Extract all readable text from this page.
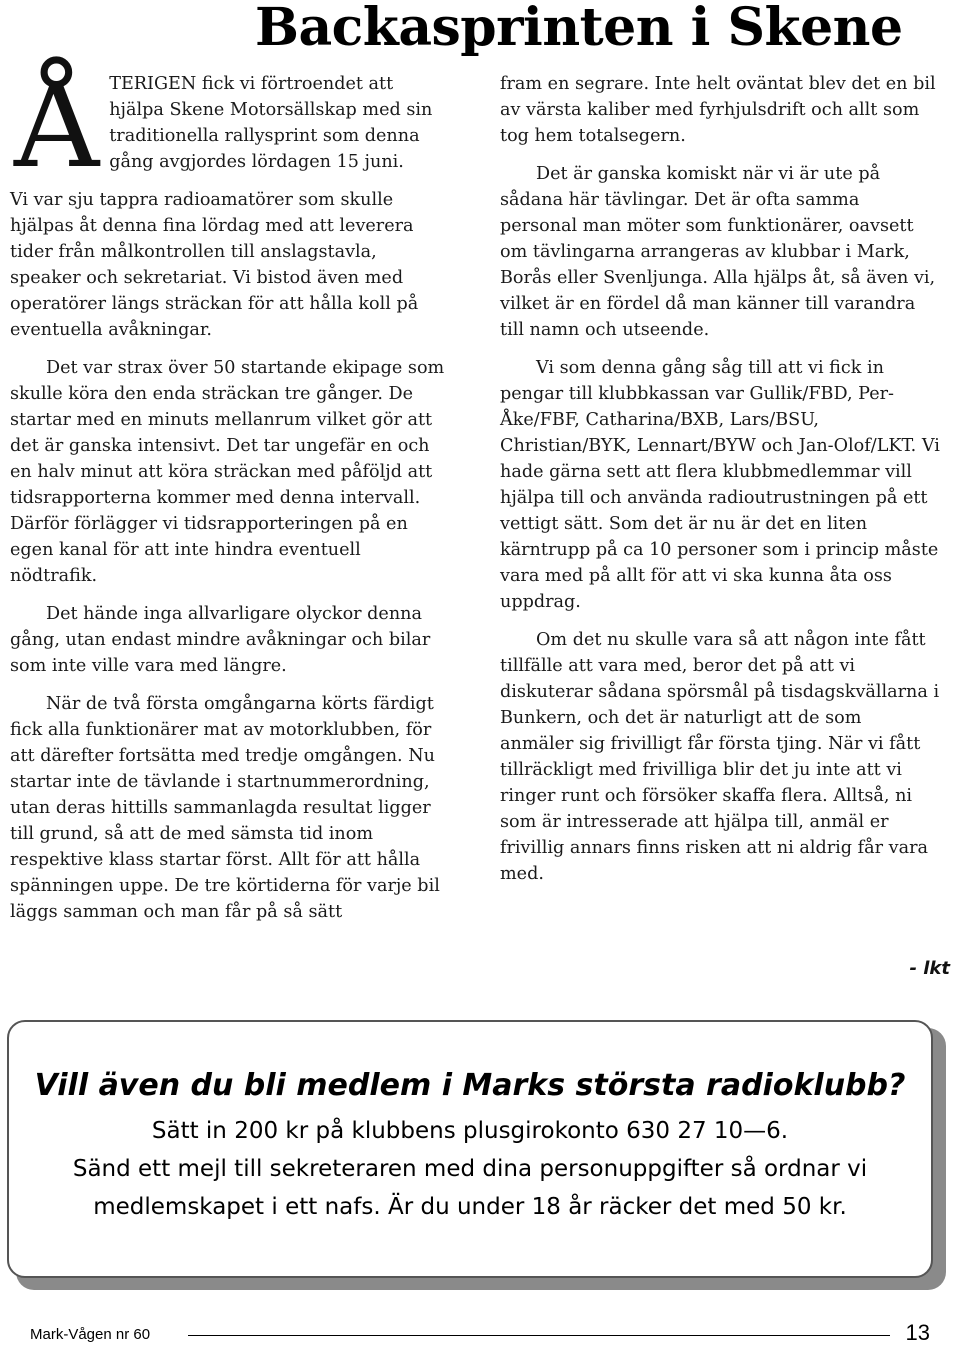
Backasprinten i Skene
Å TERIGEN fick vi förtroendet att hjälpa Skene Motorsällskap med sin traditionella rallysprint som denna gång avgjordes lördagen 15 juni.

Vi var sju tappra radioamatörer som skulle hjälpas åt denna fina lördag med att leverera tider från målkontrollen till anslagstavla, speaker och sekretariat. Vi bistod även med operatörer längs sträckan för att hålla koll på eventuella avåkningar.

Det var strax över 50 startande ekipage som skulle köra den enda sträckan tre gånger. De startar med en minuts mellanrum vilket gör att det är ganska intensivt. Det tar ungefär en och en halv minut att köra sträckan med påföljd att tidsrapporterna kommer med denna intervall. Därför förlägger vi tidsrapporteringen på en egen kanal för att inte hindra eventuell nödtrafik.

Det hände inga allvarligare olyckor denna gång, utan endast mindre avåkningar och bilar som inte ville vara med längre.

När de två första omgångarna körts färdigt fick alla funktionärer mat av motorklubben, för att därefter fortsätta med tredje omgången. Nu startar inte de tävlande i startnummerordning, utan deras hittills sammanlagda resultat ligger till grund, så att de med sämsta tid inom respektive klass startar först. Allt för att hålla spänningen uppe. De tre körtiderna för varje bil läggs samman och man får på så sätt

fram en segrare. Inte helt oväntat blev det en bil av värsta kaliber med fyrhjulsdrift och allt som tog hem totalsegern.

Det är ganska komiskt när vi är ute på sådana här tävlingar. Det är ofta samma personal man möter som funktionärer, oavsett om tävlingarna arrangeras av klubbar i Mark, Borås eller Svenljunga. Alla hjälps åt, så även vi, vilket är en fördel då man känner till varandra till namn och utseende.

Vi som denna gång såg till att vi fick in pengar till klubbkassan var Gullik/FBD, Per-Åke/FBF, Catharina/BXB, Lars/BSU, Christian/BYK, Lennart/BYW och Jan-Olof/LKT. Vi hade gärna sett att flera klubbmedlemmar vill hjälpa till och använda radioutrustningen på ett vettigt sätt. Som det är nu är det en liten kärntrupp på ca 10 personer som i princip måste vara med på allt för att vi ska kunna åta oss uppdrag.

Om det nu skulle vara så att någon inte fått tillfälle att vara med, beror det på att vi diskuterar sådana spörsmål på tisdagskvällarna i Bunkern, och det är naturligt att de som anmäler sig frivilligt får första tjing. När vi fått tillräckligt med frivilliga blir det ju inte att vi ringer runt och försöker skaffa flera. Alltså, ni som är intresserade att hjälpa till, anmäl er frivillig annars finns risken att ni aldrig får vara med.

- lkt
Vill även du bli medlem i Marks största radioklubb?
Sätt in 200 kr på klubbens plusgirokonto 630 27 10—6.
Sänd ett mejl till sekreteraren med dina personuppgifter så ordnar vi medlemskapet i ett nafs. Är du under 18 år räcker det med 50 kr.
Mark-Vågen nr 60	13
